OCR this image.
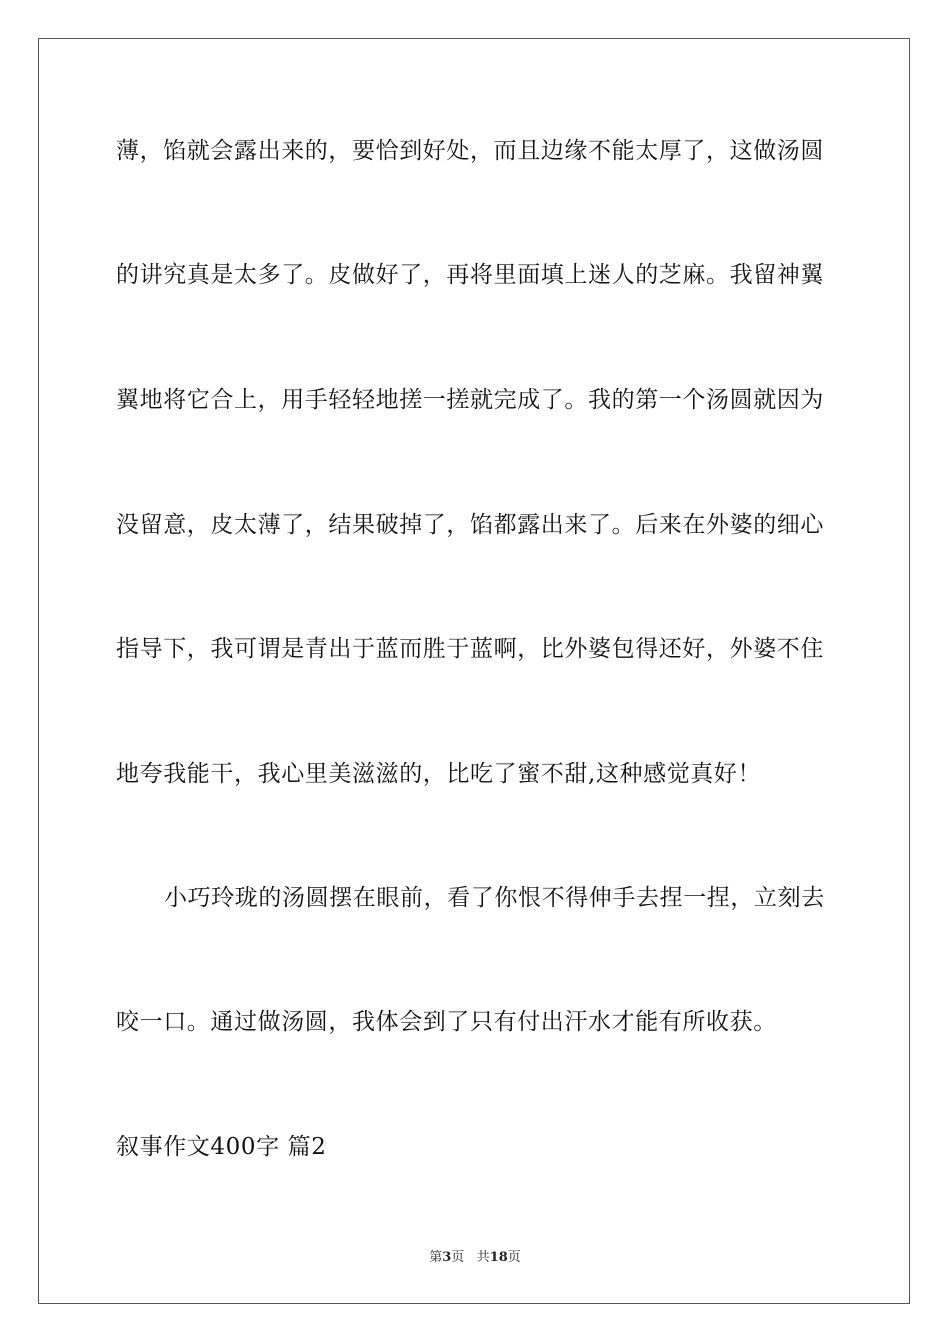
薄，馅就会露出来的，要恰到好处，而且边缘不能太厚了，这做汤圆
的讲究真是太多了。皮做好了，再将里面填上迷人的芝麻。我留神翼
翼地将它合上，用手轻轻地搓一搓就完成了。我的第一个汤圆就因为
没留意，皮太薄了，结果破掉了，馅都露出来了。后来在外婆的细心
指导下，我可谓是青出于蓝而胜于蓝啊，比外婆包得还好，外婆不住
地夸我能干，我心里美滋滋的，比吃了蜜不甜,这种感觉真好！
小巧玲珑的汤圆摆在眼前，看了你恨不得伸手去捏一捏，立刻去
咬一口。通过做汤圆，我体会到了只有付出汗水才能有所收获。
叙事作文400字 篇2
第3页 共18页
